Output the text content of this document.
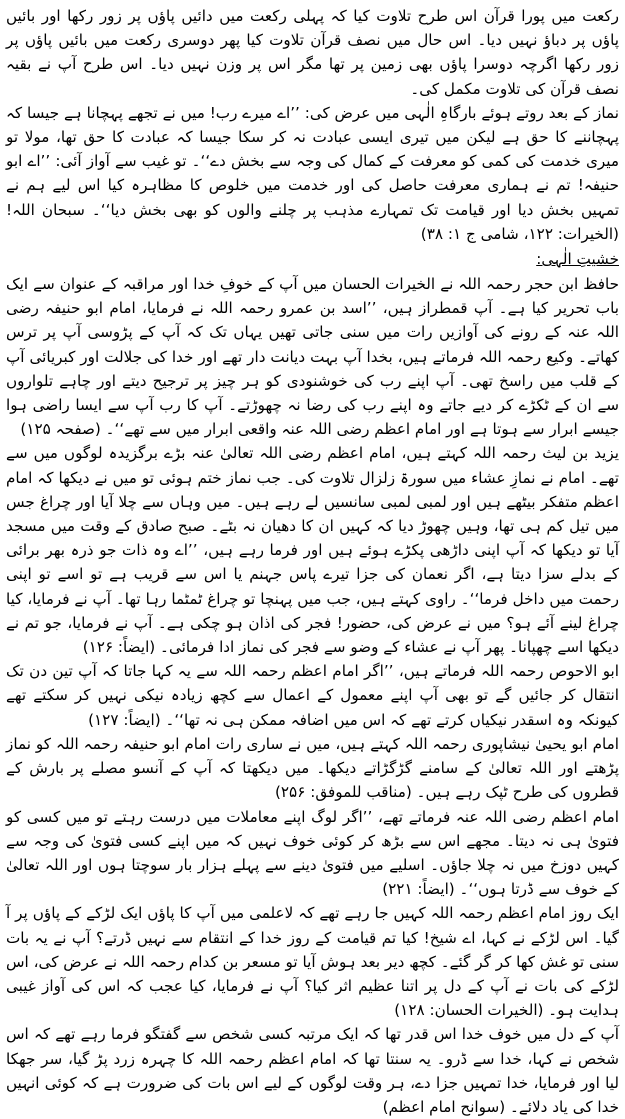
رکعت میں پورا قرآن اس طرح تلاوت کیا کہ پہلی رکعت میں دائیں پاؤں پر زور رکھا اور بائیں پاؤں پر دباؤ نہیں دیا۔ اس حال میں نصف قرآن تلاوت کیا پھر دوسری رکعت میں بائیں پاؤں پر زور رکھا اگرچہ دوسرا پاؤں بھی زمین پر تھا مگر اس پر وزن نہیں دیا۔ اس طرح آپ نے بقیہ نصف قرآن کی تلاوت مکمل کی۔

نماز کے بعد روتے ہوئے بارگاہِ الٰہی میں عرض کی: ’’اے میرے رب! میں نے تجھے پہچانا ہے جیسا کہ پہچاننے کا حق ہے لیکن میں تیری ایسی عبادت نہ کر سکا جیسا کہ عبادت کا حق تھا، مولا تو میری خدمت کی کمی کو معرفت کے کمال کی وجہ سے بخش دے‘‘۔ تو غیب سے آواز آئی: ’’اے ابو حنیفہ! تم نے ہماری معرفت حاصل کی اور خدمت میں خلوص کا مظاہرہ کیا اس لیے ہم نے تمہیں بخش دیا اور قیامت تک تمہارے مذہب پر چلنے والوں کو بھی بخش دیا‘‘۔ سبحان اللہ! (الخیرات: ۱۲۲، شامی ج ۱: ۳۸)

خشیتِ الٰہی:

حافظ ابن حجر رحمہ اللہ نے الخیرات الحسان میں آپ کے خوفِ خدا اور مراقبہ کے عنوان سے ایک باب تحریر کیا ہے۔ آپ قمطراز ہیں، ’’اسد بن عمرو رحمہ اللہ نے فرمایا، امام ابو حنیفہ رضی اللہ عنہ کے رونے کی آوازیں رات میں سنی جاتی تھیں یہاں تک کہ آپ کے پڑوسی آپ پر ترس کھاتے۔ وکیع رحمہ اللہ فرماتے ہیں، بخدا آپ بہت دیانت دار تھے اور خدا کی جلالت اور کبریائی آپ کے قلب میں راسخ تھی۔ آپ اپنے رب کی خوشنودی کو ہر چیز پر ترجیح دیتے اور چاہے تلواروں سے ان کے ٹکڑے کر دیے جاتے وہ اپنے رب کی رضا نہ چھوڑتے۔ آپ کا رب آپ سے ایسا راضی ہوا جیسے ابرار سے ہوتا ہے اور امام اعظم رضی اللہ عنہ واقعی ابرار میں سے تھے‘‘۔ (صفحہ ۱۲۵)

یزید بن لیث رحمہ اللہ کہتے ہیں، امام اعظم رضی اللہ تعالیٰ عنہ بڑے برگزیدہ لوگوں میں سے تھے۔ امام نے نمازِ عشاء میں سورۃ زلزال تلاوت کی۔ جب نماز ختم ہوئی تو میں نے دیکھا کہ امام اعظم متفکر بیٹھے ہیں اور لمبی لمبی سانسیں لے رہے ہیں۔ میں وہاں سے چلا آیا اور چراغ جس میں تیل کم ہی تھا، وہیں چھوڑ دیا کہ کہیں ان کا دھیان نہ بٹے۔ صبح صادق کے وقت میں مسجد آیا تو دیکھا کہ آپ اپنی داڑھی پکڑے ہوئے ہیں اور فرما رہے ہیں، ’’اے وہ ذات جو ذرہ بھر برائی کے بدلے سزا دیتا ہے، اگر نعمان کی جزا تیرے پاس جہنم یا اس سے قریب ہے تو اسے تو اپنی رحمت میں داخل فرما‘‘۔ راوی کہتے ہیں، جب میں پہنچا تو چراغ ٹمٹما رہا تھا۔ آپ نے فرمایا، کیا چراغ لینے آئے ہو؟ میں نے عرض کی، حضور! فجر کی اذان ہو چکی ہے۔ آپ نے فرمایا، جو تم نے دیکھا اسے چھپانا۔ پھر آپ نے عشاء کے وضو سے فجر کی نماز ادا فرمائی۔ (ایضاً: ۱۲۶)

ابو الاحوص رحمہ اللہ فرماتے ہیں، ’’اگر امام اعظم رحمہ اللہ سے یہ کہا جاتا کہ آپ تین دن تک انتقال کر جائیں گے تو بھی آپ اپنے معمول کے اعمال سے کچھ زیادہ نیکی نہیں کر سکتے تھے کیونکہ وہ اسقدر نیکیاں کرتے تھے کہ اس میں اضافہ ممکن ہی نہ تھا‘‘۔ (ایضاً: ۱۲۷)

امام ابو یحییٰ نیشاپوری رحمہ اللہ کہتے ہیں، میں نے ساری رات امام ابو حنیفہ رحمہ اللہ کو نماز پڑھتے اور اللہ تعالیٰ کے سامنے گڑگڑاتے دیکھا۔ میں دیکھتا کہ آپ کے آنسو مصلے پر بارش کے قطروں کی طرح ٹپک رہے ہیں۔ (مناقب للموفق: ۲۵۶)

امام اعظم رضی اللہ عنہ فرماتے تھے، ’’اگر لوگ اپنے معاملات میں درست رہتے تو میں کسی کو فتویٰ ہی نہ دیتا۔ مجھے اس سے بڑھ کر کوئی خوف نہیں کہ میں اپنے کسی فتویٰ کی وجہ سے کہیں دوزخ میں نہ چلا جاؤں۔ اسلیے میں فتویٰ دینے سے پہلے ہزار بار سوچتا ہوں اور اللہ تعالیٰ کے خوف سے ڈرتا ہوں‘‘۔ (ایضاً: ۲۲۱)

ایک روز امام اعظم رحمہ اللہ کہیں جا رہے تھے کہ لاعلمی میں آپ کا پاؤں ایک لڑکے کے پاؤں پر آ گیا۔ اس لڑکے نے کہا، اے شیخ! کیا تم قیامت کے روز خدا کے انتقام سے نہیں ڈرتے؟ آپ نے یہ بات سنی تو غش کھا کر گر گئے۔ کچھ دیر بعد ہوش آیا تو مسعر بن کدام رحمہ اللہ نے عرض کی، اس لڑکے کی بات نے آپ کے دل پر اتنا عظیم اثر کیا؟ آپ نے فرمایا، کیا عجب کہ اس کی آواز غیبی ہدایت ہو۔ (الخیرات الحسان: ۱۲۸)

آپ کے دل میں خوف خدا اس قدر تھا کہ ایک مرتبہ کسی شخص سے گفتگو فرما رہے تھے کہ اس شخص نے کہا، خدا سے ڈرو۔ یہ سنتا تھا کہ امام اعظم رحمہ اللہ کا چہرہ زرد پڑ گیا، سر جھکا لیا اور فرمایا، خدا تمہیں جزا دے، ہر وقت لوگوں کے لیے اس بات کی ضرورت ہے کہ کوئی انہیں خدا کی یاد دلائے۔ (سوانح امام اعظم)
